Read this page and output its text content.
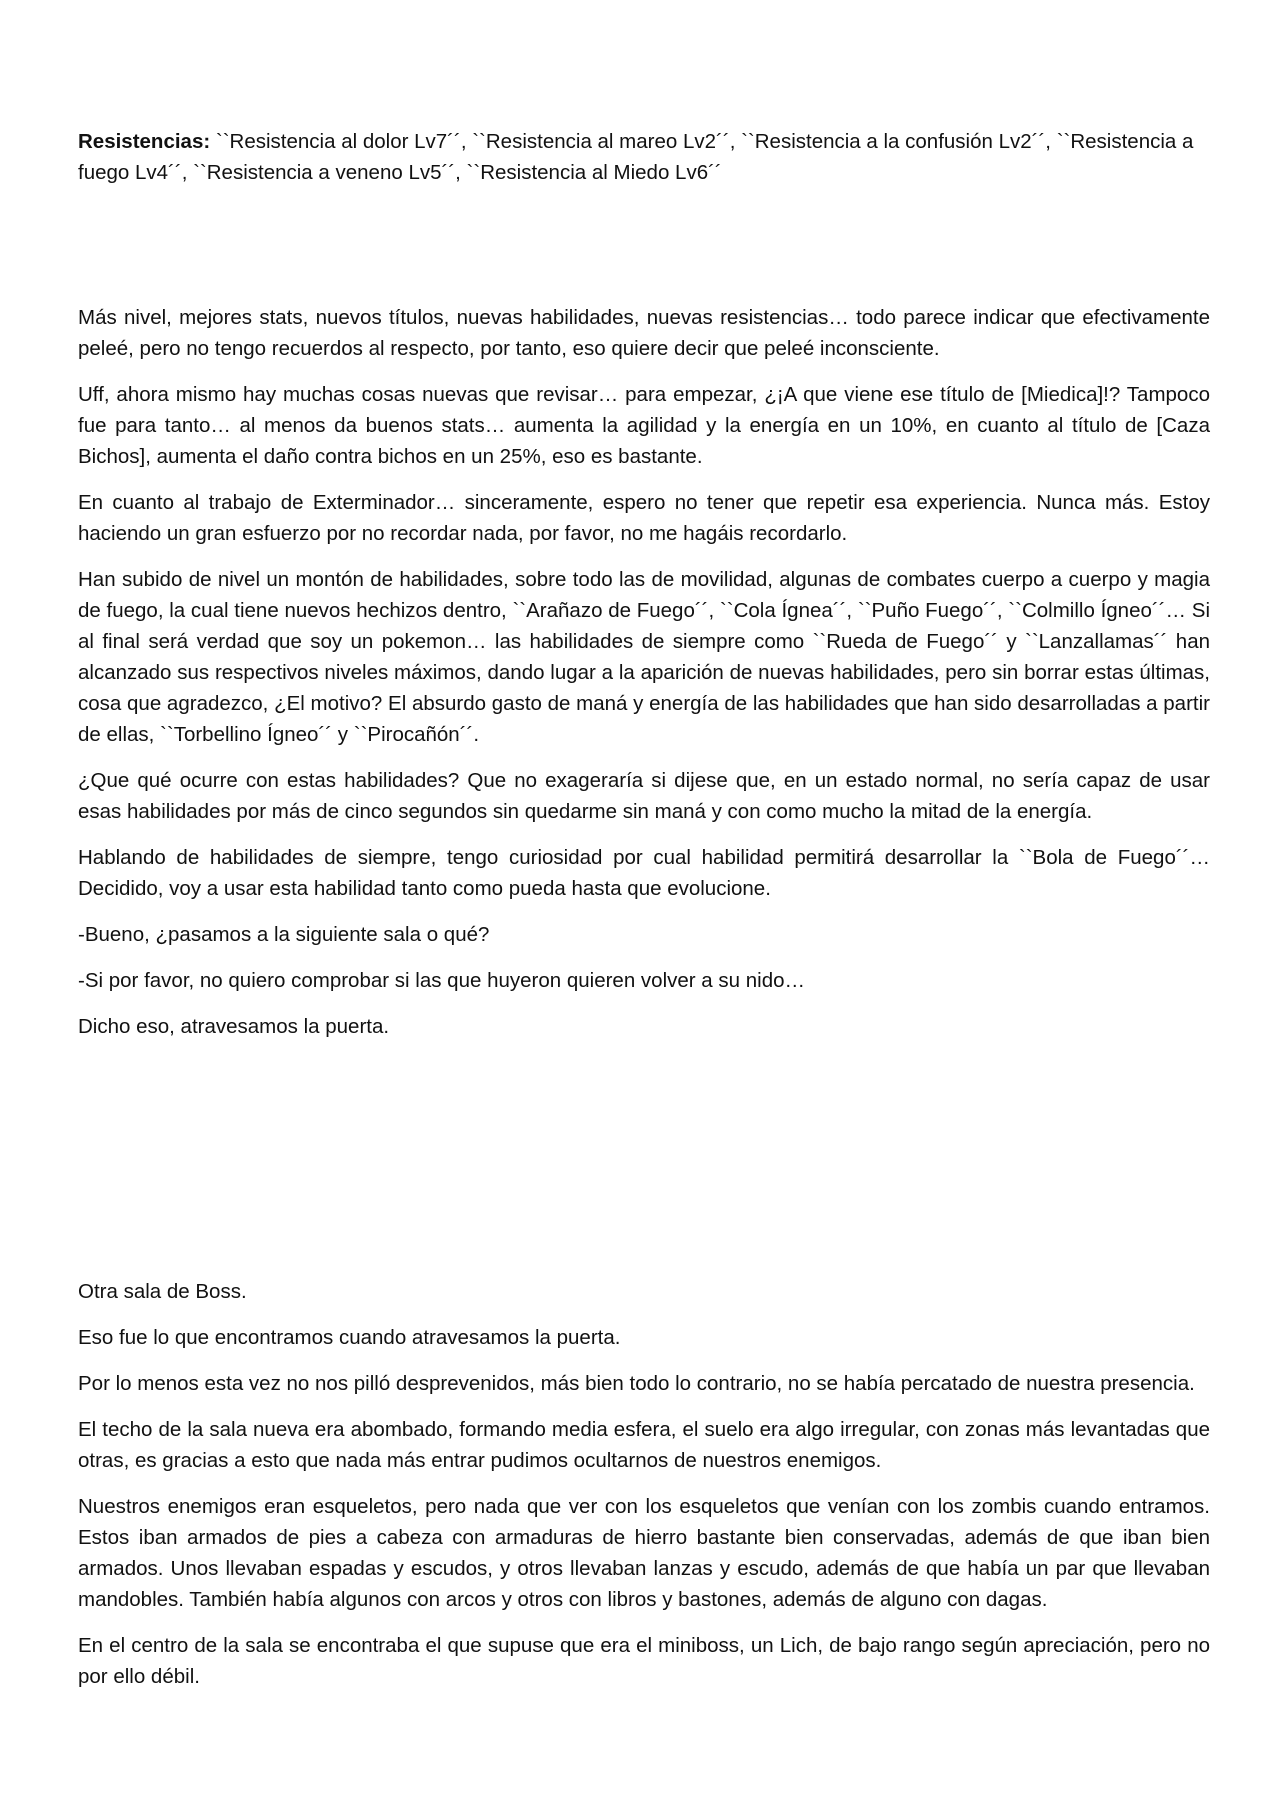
Resistencias: ``Resistencia al dolor Lv7´´, ``Resistencia al mareo Lv2´´, ``Resistencia a la confusión Lv2´´, ``Resistencia a fuego Lv4´´, ``Resistencia a veneno Lv5´´, ``Resistencia al Miedo Lv6´´

Más nivel, mejores stats, nuevos títulos, nuevas habilidades, nuevas resistencias… todo parece indicar que efectivamente peleé, pero no tengo recuerdos al respecto, por tanto, eso quiere decir que peleé inconsciente.

Uff, ahora mismo hay muchas cosas nuevas que revisar… para empezar, ¿¡A que viene ese título de [Miedica]!? Tampoco fue para tanto… al menos da buenos stats… aumenta la agilidad y la energía en un 10%, en cuanto al título de [Caza Bichos], aumenta el daño contra bichos en un 25%, eso es bastante.

En cuanto al trabajo de Exterminador… sinceramente, espero no tener que repetir esa experiencia. Nunca más. Estoy haciendo un gran esfuerzo por no recordar nada, por favor, no me hagáis recordarlo.

Han subido de nivel un montón de habilidades, sobre todo las de movilidad, algunas de combates cuerpo a cuerpo y magia de fuego, la cual tiene nuevos hechizos dentro, ``Arañazo de Fuego´´, ``Cola Ígnea´´, ``Puño Fuego´´, ``Colmillo Ígneo´´… Si al final será verdad que soy un pokemon… las habilidades de siempre como ``Rueda de Fuego´´ y ``Lanzallamas´´ han alcanzado sus respectivos niveles máximos, dando lugar a la aparición de nuevas habilidades, pero sin borrar estas últimas, cosa que agradezco, ¿El motivo? El absurdo gasto de maná y energía de las habilidades que han sido desarrolladas a partir de ellas, ``Torbellino Ígneo´´ y ``Pirocañón´´.

¿Que qué ocurre con estas habilidades? Que no exageraría si dijese que, en un estado normal, no sería capaz de usar esas habilidades por más de cinco segundos sin quedarme sin maná y con como mucho la mitad de la energía.

Hablando de habilidades de siempre, tengo curiosidad por cual habilidad permitirá desarrollar la ``Bola de Fuego´´… Decidido, voy a usar esta habilidad tanto como pueda hasta que evolucione.

-Bueno, ¿pasamos a la siguiente sala o qué?

-Si por favor, no quiero comprobar si las que huyeron quieren volver a su nido…

Dicho eso, atravesamos la puerta.

Otra sala de Boss.

Eso fue lo que encontramos cuando atravesamos la puerta.

Por lo menos esta vez no nos pilló desprevenidos, más bien todo lo contrario, no se había percatado de nuestra presencia.

El techo de la sala nueva era abombado, formando media esfera, el suelo era algo irregular, con zonas más levantadas que otras, es gracias a esto que nada más entrar pudimos ocultarnos de nuestros enemigos.

Nuestros enemigos eran esqueletos, pero nada que ver con los esqueletos que venían con los zombis cuando entramos. Estos iban armados de pies a cabeza con armaduras de hierro bastante bien conservadas, además de que iban bien armados. Unos llevaban espadas y escudos, y otros llevaban lanzas y escudo, además de que había un par que llevaban mandobles. También había algunos con arcos y otros con libros y bastones, además de alguno con dagas.

En el centro de la sala se encontraba el que supuse que era el miniboss, un Lich, de bajo rango según apreciación, pero no por ello débil.
